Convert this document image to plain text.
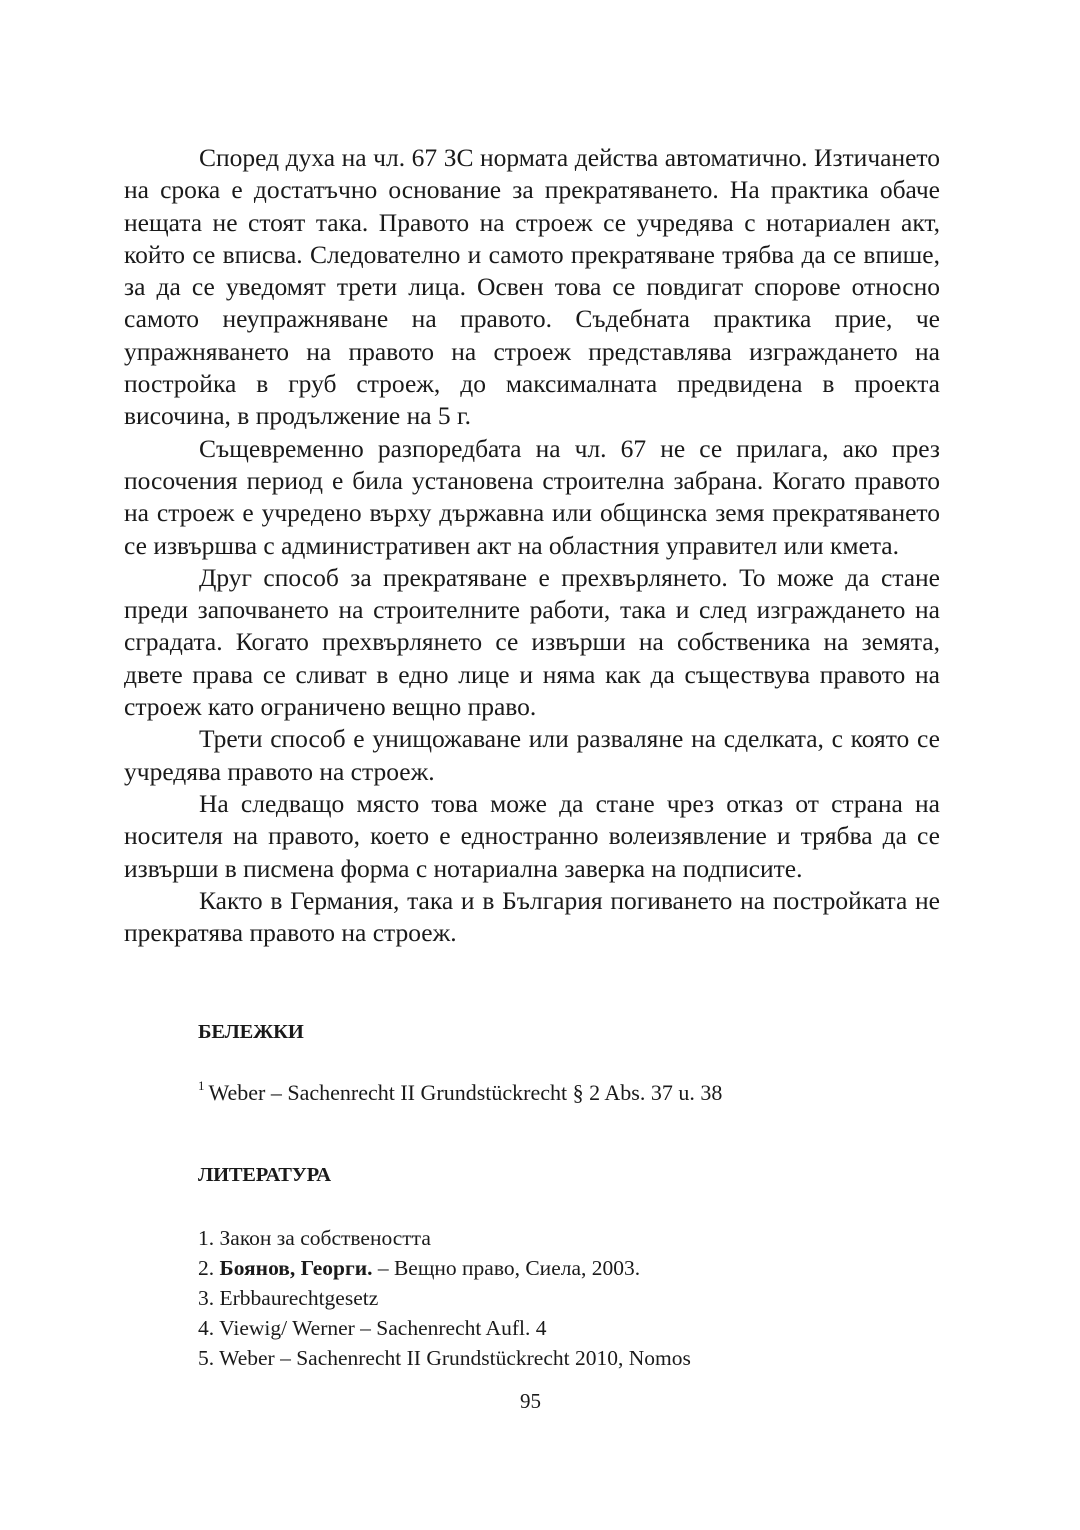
Според духа на чл. 67 ЗС нормата действа автоматично. Изтичането на срока е достатъчно основание за прекратяването. На практика обаче нещата не стоят така. Правото на строеж се учредява с нотариален акт, който се вписва. Следователно и самото прекратяване трябва да се впише, за да се уведомят трети лица. Освен това се повдигат спорове относно самото неупражняване на правото. Съдебната практика прие, че упражняването на правото на строеж представлява изграждането на постройка в груб строеж, до максималната предвидена в проекта височина, в продължение на 5 г.

Същевременно разпоредбата на чл. 67 не се прилага, ако през посочения период е била установена строителна забрана. Когато правото на строеж е учредено върху държавна или общинска земя прекратяването се извършва с административен акт на областния управител или кмета.

Друг способ за прекратяване е прехвърлянето. То може да стане преди започването на строителните работи, така и след изграждането на сградата. Когато прехвърлянето се извърши на собственика на земята, двете права се сливат в едно лице и няма как да съществува правото на строеж като ограничено вещно право.

Трети способ е унищожаване или разваляне на сделката, с която се учредява правото на строеж.

На следващо място това може да стане чрез отказ от страна на носителя на правото, което е едностранно волеизявление и трябва да се извърши в писмена форма с нотариална заверка на подписите.

Както в Германия, така и в България погиването на постройката не прекратява правото на строеж.

БЕЛЕЖКИ
$^1$ Weber – Sachenrecht II Grundstückrecht § 2 Abs. 37 u. 38
ЛИТЕРАТУРА
1. Закон за собствеността
2. Боянов, Георги. – Вещно право, Сиела, 2003.
3. Erbbaurechtgesetz
4. Viewig/ Werner – Sachenrecht Aufl. 4
5. Weber – Sachenrecht II Grundstückrecht 2010, Nomos
95
